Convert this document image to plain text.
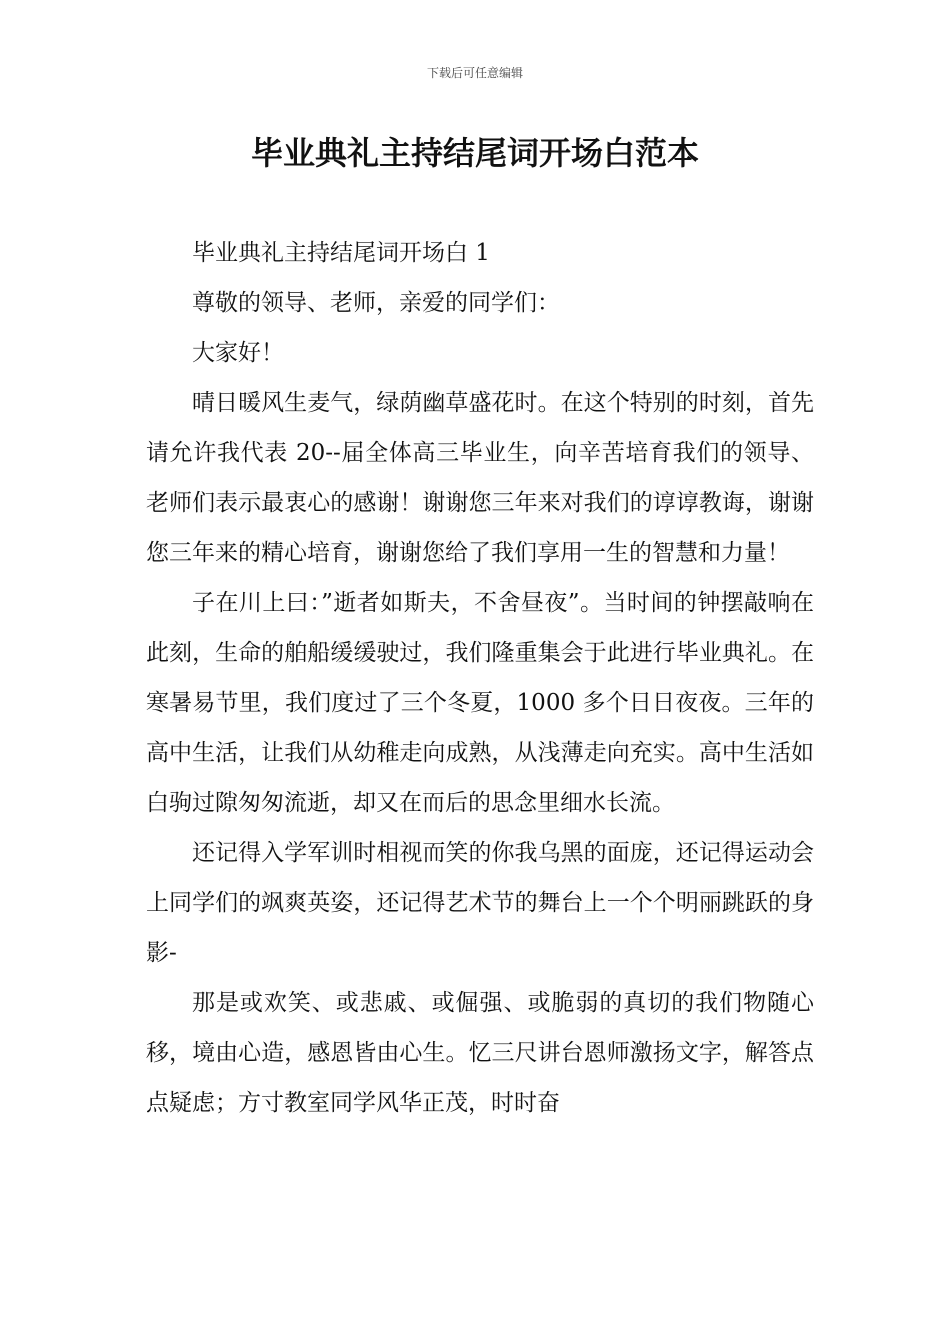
下载后可任意编辑
毕业典礼主持结尾词开场白范本

毕业典礼主持结尾词开场白 1

尊敬的领导、老师，亲爱的同学们：

大家好！

晴日暖风生麦气，绿荫幽草盛花时。在这个特别的时刻，首先请允许我代表 20--届全体高三毕业生，向辛苦培育我们的领导、老师们表示最衷心的感谢！谢谢您三年来对我们的谆谆教诲，谢谢您三年来的精心培育，谢谢您给了我们享用一生的智慧和力量！

子在川上曰：”逝者如斯夫，不舍昼夜”。当时间的钟摆敲响在此刻，生命的舶船缓缓驶过，我们隆重集会于此进行毕业典礼。在寒暑易节里，我们度过了三个冬夏，1000 多个日日夜夜。三年的高中生活，让我们从幼稚走向成熟，从浅薄走向充实。高中生活如白驹过隙匆匆流逝，却又在而后的思念里细水长流。

还记得入学军训时相视而笑的你我乌黑的面庞，还记得运动会上同学们的飒爽英姿，还记得艺术节的舞台上一个个明丽跳跃的身影-

那是或欢笑、或悲戚、或倔强、或脆弱的真切的我们物随心移，境由心造，感恩皆由心生。忆三尺讲台恩师激扬文字，解答点点疑虑；方寸教室同学风华正茂，时时奋
